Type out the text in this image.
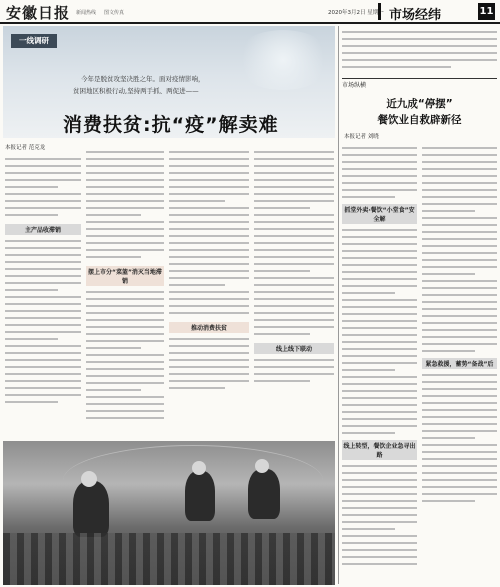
安徽日报 新闻热线 图文传真	2020年3月2日 星期一 市场经纬	11
一线调研
今年是脱贫攻坚决胜之年。面对疫情影响，
贫困地区积极行动,坚持两手抓、两促进——
消费扶贫:抗“疫”解卖难
本报记者 范克龙
主产品收滞销
摆上市分“菜篮”消灭当地滞销
推动消费扶贫
线上线下联动
市场纵横
近九成“停摆”
餐饮业自救辟新径
本报记者 刘晓
抓堂外卖·餐饮“小堂食”安全解
线上转型，餐饮企业急寻出路
紧急救援，蓄势“备战”后
